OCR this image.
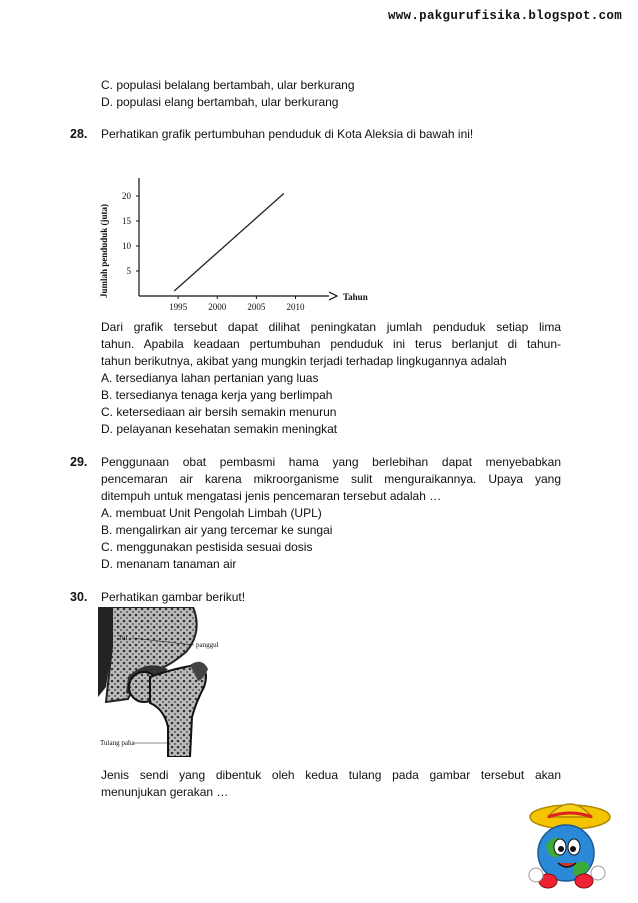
www.pakgurufisika.blogspot.com
C. populasi belalang bertambah, ular berkurang
D. populasi elang bertambah, ular berkurang
28. Perhatikan grafik pertumbuhan penduduk di Kota Aleksia di bawah ini!
5
10
15
20
1995 2000 2005 2010
Tahun
Jumlah penduduk (juta)
Dari grafik tersebut dapat dilihat peningkatan jumlah penduduk setiap lima
tahun. Apabila keadaan pertumbuhan penduduk ini terus berlanjut di tahun-
tahun berikutnya, akibat yang mungkin terjadi terhadap lingkugannya adalah
A. tersedianya lahan pertanian yang luas
B. tersedianya tenaga kerja yang berlimpah
C. ketersediaan air bersih semakin menurun
D. pelayanan kesehatan semakin meningkat
29. Penggunaan obat pembasmi hama yang berlebihan dapat menyebabkan
pencemaran air karena mikroorganisme sulit menguraikannya. Upaya yang
ditempuh untuk mengatasi jenis pencemaran tersebut adalah …
A. membuat Unit Pengolah Limbah (UPL)
B. mengalirkan air yang tercemar ke sungai
C. menggunakan pestisida sesuai dosis
D. menanam tanaman air
30. Perhatikan gambar berikut!
Tul
panggul
Tulang paha
Jenis sendi yang dibentuk oleh kedua tulang pada gambar tersebut akan
menunjukan gerakan …
